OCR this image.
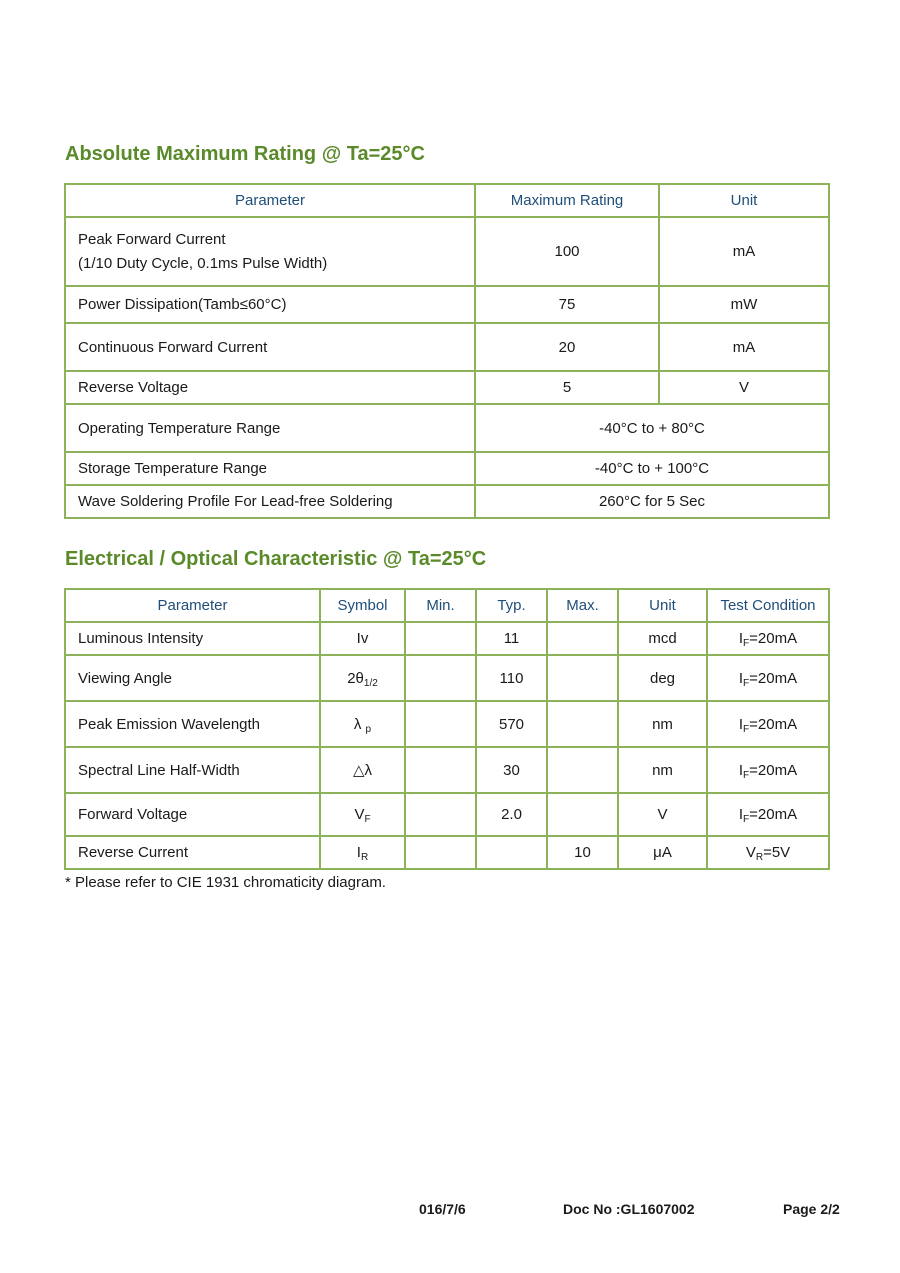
Absolute Maximum Rating @ Ta=25°C
Parameter	Maximum Rating	Unit
Peak Forward Current
(1/10 Duty Cycle, 0.1ms Pulse Width)	100	mA
Power Dissipation(Tamb≤60°C)	75	mW
Continuous Forward Current	20	mA
Reverse Voltage	5	V
Operating Temperature Range	-40°C to + 80°C	
Storage Temperature Range	-40°C to + 100°C	
Wave Soldering Profile For Lead-free Soldering	260°C for 5 Sec	
Electrical / Optical Characteristic @ Ta=25°C
Parameter	Symbol	Min.	Typ.	Max.	Unit	Test Condition
Luminous Intensity	Iv		11		mcd	$I_F=20mA$
Viewing Angle	$2\theta_{1/2}$		110		deg	$I_F=20mA$
Peak Emission Wavelength	λ $_p$		570		nm	$I_F=20mA$
Spectral Line Half-Width	△λ		30		nm	$I_F=20mA$
Forward Voltage	$V_F$		2.0		V	$I_F=20mA$
Reverse Current	$I_R$			10	μA	$V_R=5V$
* Please refer to CIE 1931 chromaticity diagram.
016/7/6	Doc No :GL1607002	Page 2/2
